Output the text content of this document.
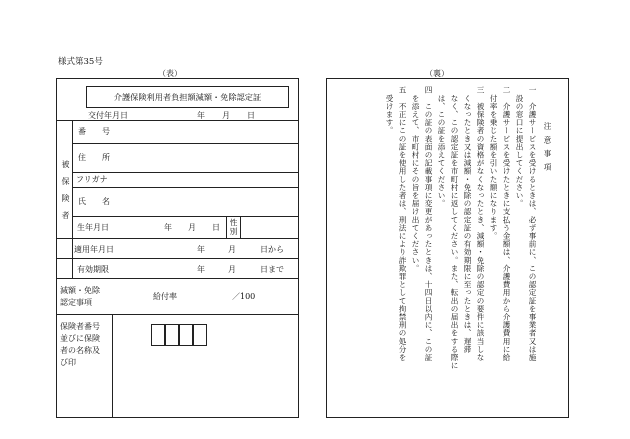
様式第35号
（表）
介護保険利用者負担額減額・免除認定証
交付年月日	年 月 日
被保険者
番　　号
住　　所
フリガナ
氏　　名
生年月日	年 月 日
性別
適用年月日	年	月	日から
有効期限	年	月	日まで
減額・免除
認定事項
給付率	／100
保険者番号
並びに保険
者の名称及
び印
（裏）
注意事項
一　介護サービスを受けるときは、必ず事前に、この認定証を事業者又は施
　設の窓口に提出してください。
二　介護サービスを受けたときに支払う金額は、介護費用から介護費用に給
　付率を乗じた額を引いた額になります。
三　被保険者の資格がなくなったとき、減額・免除の認定の要件に該当しな
　くなったとき又は減額・免除の認定証の有効期限に至ったときは、遅滞
　なく、この認定証を市町村に返してください。また、転出の届出をする際に
　は、この証を添えてください。
四　この証の表面の記載事項に変更があったときは、十四日以内に、この証
　を添えて、市町村にその旨を届け出てください。
五　不正にこの証を使用した者は、刑法により詐欺罪として拘禁刑の処分を
　受けます。
